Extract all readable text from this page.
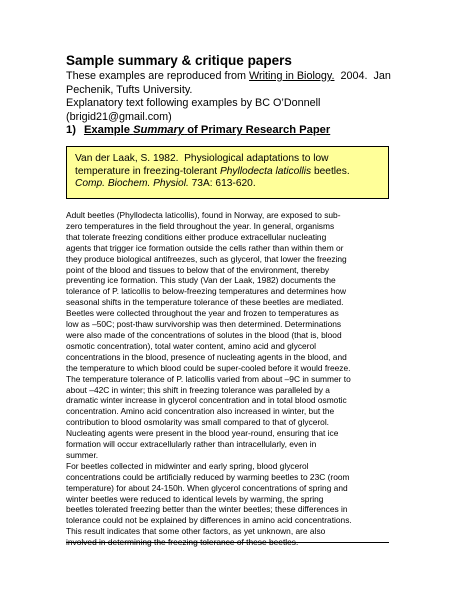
Sample summary & critique papers
These examples are reproduced from Writing in Biology.  2004.  Jan
Pechenik, Tufts University.
Explanatory text following examples by BC O’Donnell
(brigid21@gmail.com)
1) Example Summary of Primary Research Paper
Van der Laak, S. 1982.  Physiological adaptations to low
temperature in freezing-tolerant Phyllodecta laticollis beetles.
Comp. Biochem. Physiol. 73A: 613-620.

Adult beetles (Phyllodecta laticollis), found in Norway, are exposed to sub-
zero temperatures in the field throughout the year. In general, organisms
that tolerate freezing conditions either produce extracellular nucleating
agents that trigger ice formation outside the cells rather than within them or
they produce biological antifreezes, such as glycerol, that lower the freezing
point of the blood and tissues to below that of the environment, thereby
preventing ice formation. This study (Van der Laak, 1982) documents the
tolerance of P. laticollis to below-freezing temperatures and determines how
seasonal shifts in the temperature tolerance of these beetles are mediated.
Beetles were collected throughout the year and frozen to temperatures as
low as –50C; post-thaw survivorship was then determined. Determinations
were also made of the concentrations of solutes in the blood (that is, blood
osmotic concentration), total water content, amino acid and glycerol
concentrations in the blood, presence of nucleating agents in the blood, and
the temperature to which blood could be super-cooled before it would freeze.
The temperature tolerance of P. laticollis varied from about –9C in summer to
about –42C in winter; this shift in freezing tolerance was paralleled by a
dramatic winter increase in glycerol concentration and in total blood osmotic
concentration. Amino acid concentration also increased in winter, but the
contribution to blood osmolarity was small compared to that of glycerol.
Nucleating agents were present in the blood year-round, ensuring that ice
formation will occur extracellularly rather than intracellularly, even in
summer.

For beetles collected in midwinter and early spring, blood glycerol
concentrations could be artificially reduced by warming beetles to 23C (room
temperature) for about 24-150h. When glycerol concentrations of spring and
winter beetles were reduced to identical levels by warming, the spring
beetles tolerated freezing better than the winter beetles; these differences in
tolerance could not be explained by differences in amino acid concentrations.
This result indicates that some other factors, as yet unknown, are also
involved in determining the freezing tolerance of these beetles.
